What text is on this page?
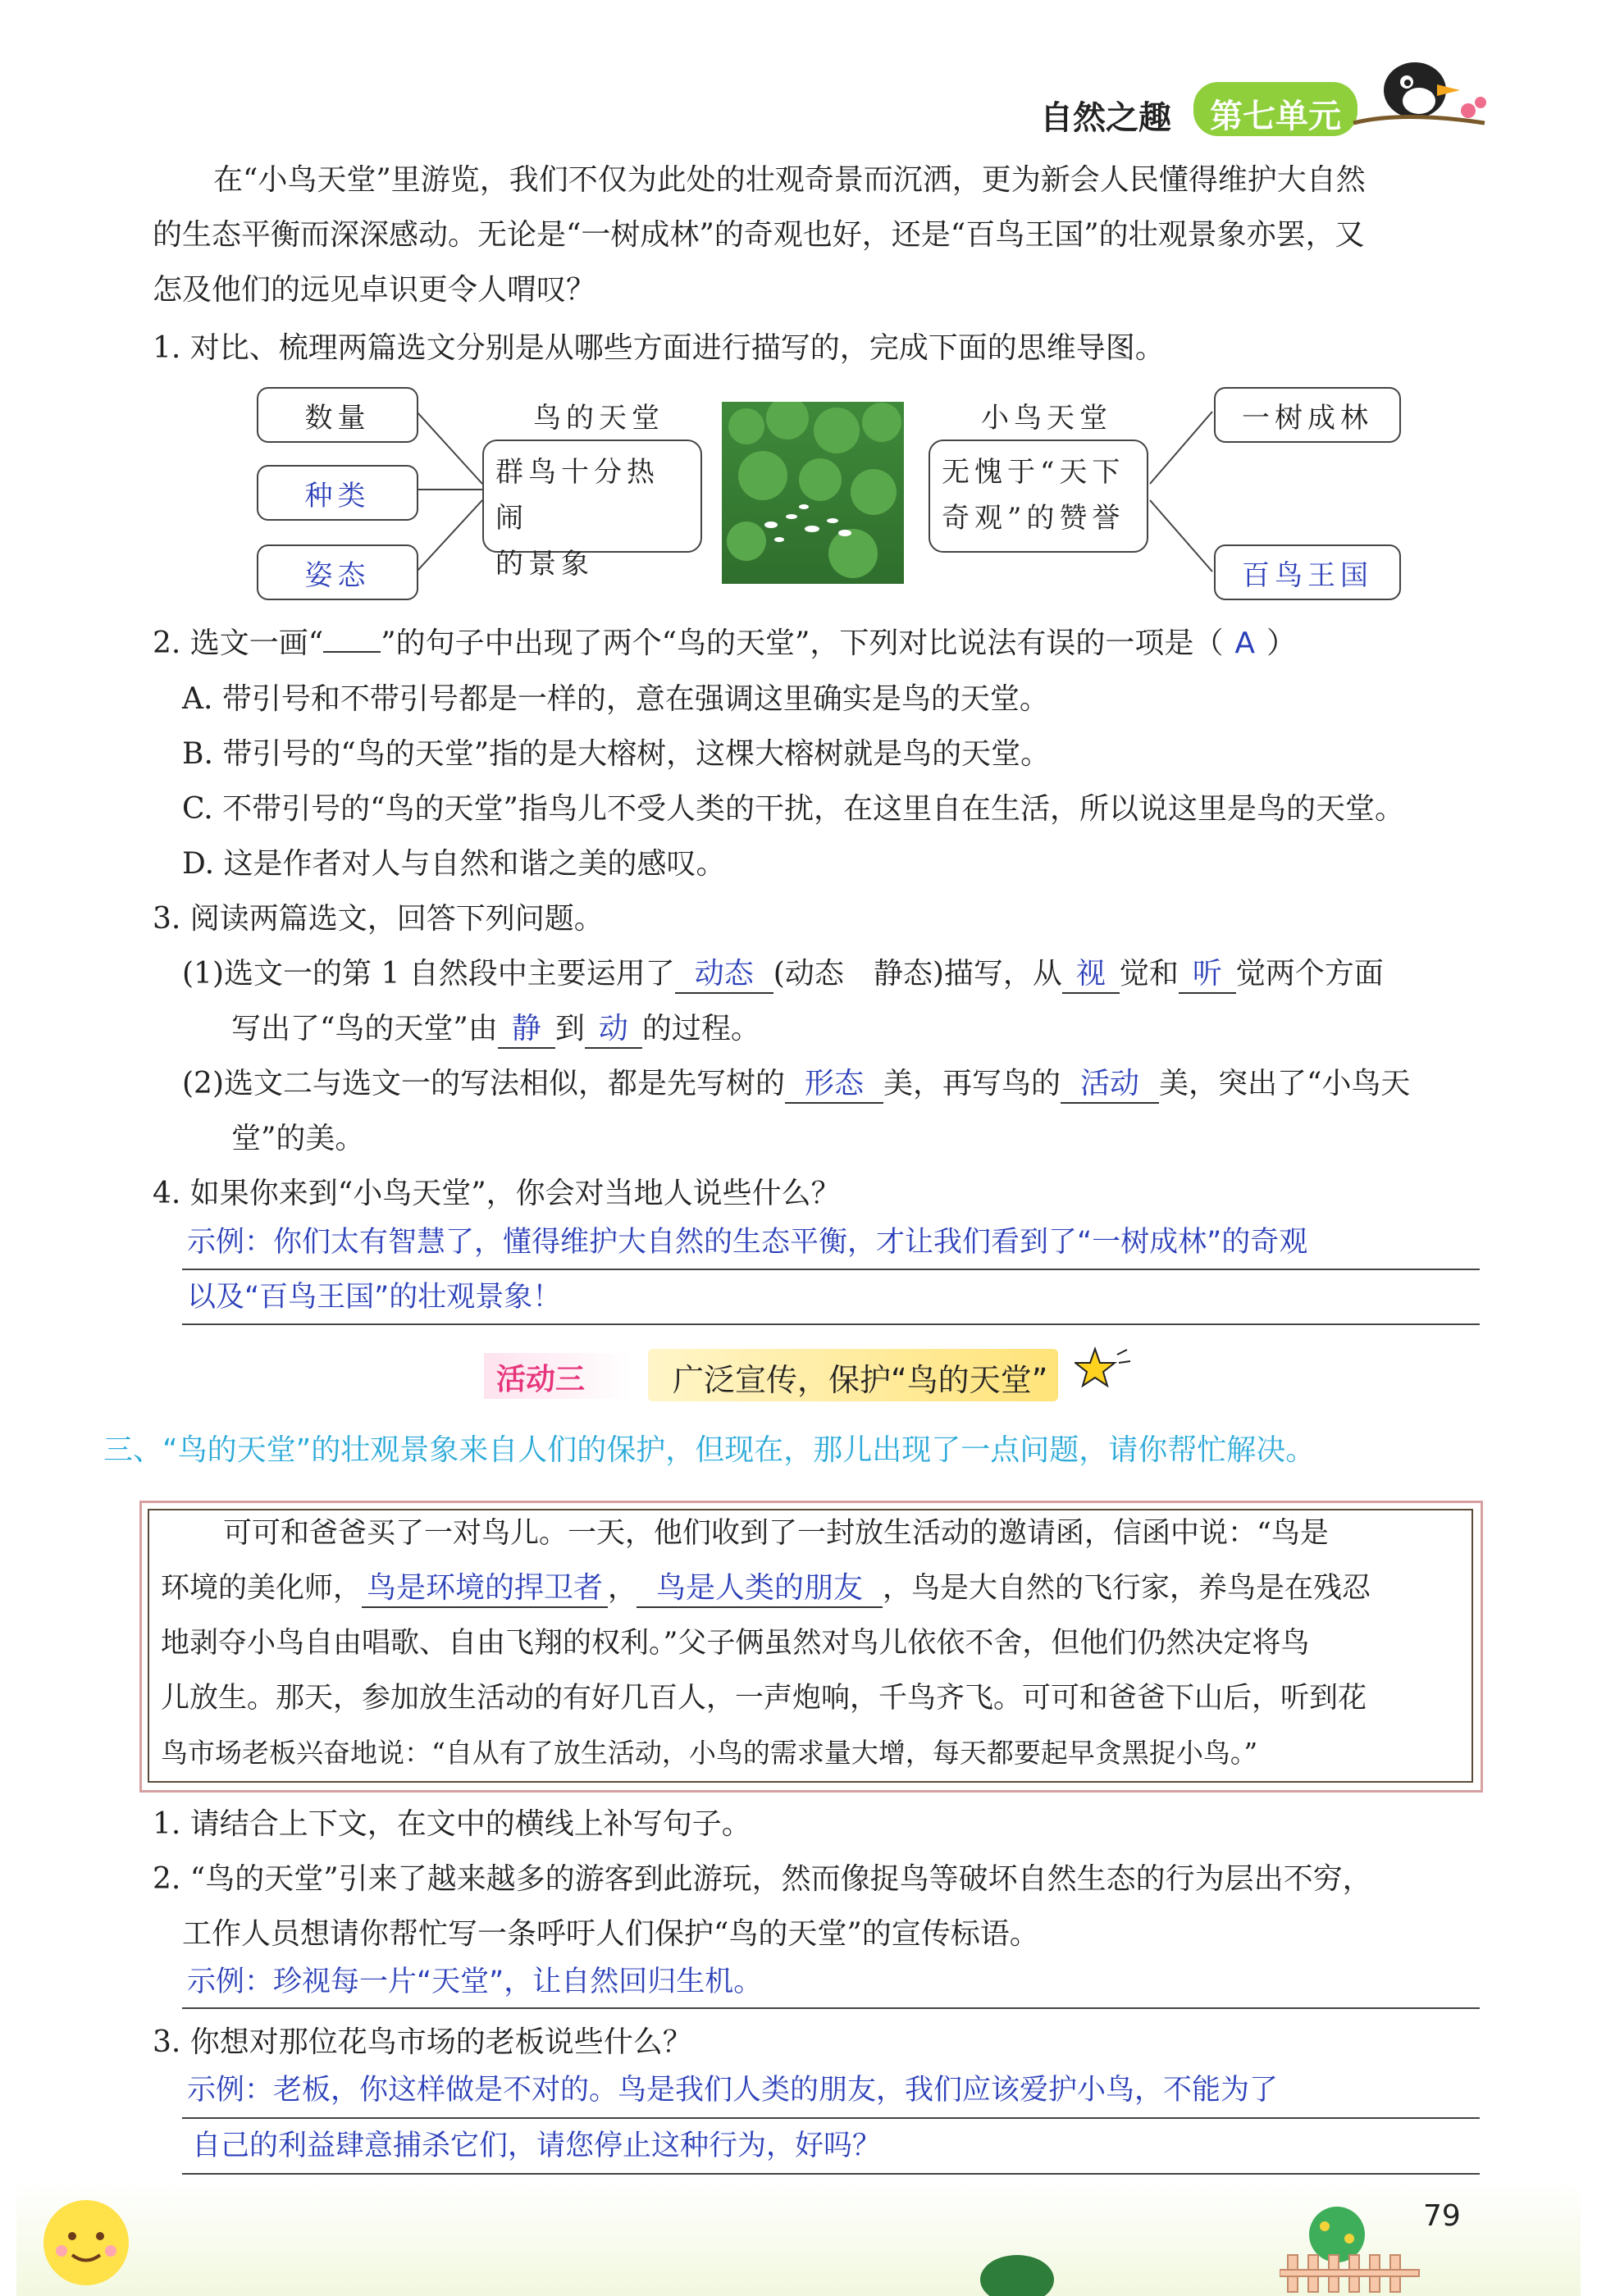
自然之趣 第七单元
在“小鸟天堂”里游览，我们不仅为此处的壮观奇景而沉洒，更为新会人民懂得维护大自然
的生态平衡而深深感动。无论是“一树成林”的奇观也好，还是“百鸟王国”的壮观景象亦罢，又
怎及他们的远见卓识更令人喟叹？
1. 对比、梳理两篇选文分别是从哪些方面进行描写的，完成下面的思维导图。
数量
种类
姿态
鸟的天堂
群鸟十分热闹
的景象
小鸟天堂
无愧于“天下
奇观”的赞誉
一树成林
百鸟王国
2. 选文一画“ ”的句子中出现了两个“鸟的天堂”，下列对比说法有误的一项是（ A ）
A. 带引号和不带引号都是一样的，意在强调这里确实是鸟的天堂。
B. 带引号的“鸟的天堂”指的是大榕树，这棵大榕树就是鸟的天堂。
C. 不带引号的“鸟的天堂”指鸟儿不受人类的干扰，在这里自在生活，所以说这里是鸟的天堂。
D. 这是作者对人与自然和谐之美的感叹。
3. 阅读两篇选文，回答下列问题。
(1)选文一的第 1 自然段中主要运用了 动态 (动态　静态)描写，从 视 觉和 听 觉两个方面
写出了“鸟的天堂”由 静 到 动 的过程。
(2)选文二与选文一的写法相似，都是先写树的 形态 美，再写鸟的 活动 美，突出了“小鸟天
堂”的美。
4. 如果你来到“小鸟天堂”，你会对当地人说些什么？
示例：你们太有智慧了，懂得维护大自然的生态平衡，才让我们看到了“一树成林”的奇观
以及“百鸟王国”的壮观景象！
活动三	广泛宣传，保护“鸟的天堂”
三、“鸟的天堂”的壮观景象来自人们的保护，但现在，那儿出现了一点问题，请你帮忙解决。
可可和爸爸买了一对鸟儿。一天，他们收到了一封放生活动的邀请函，信函中说：“鸟是
环境的美化师， 鸟是环境的捍卫者 ， 鸟是人类的朋友 ，鸟是大自然的飞行家，养鸟是在残忍
地剥夺小鸟自由唱歌、自由飞翔的权利。”父子俩虽然对鸟儿依依不舍，但他们仍然决定将鸟
儿放生。那天，参加放生活动的有好几百人，一声炮响，千鸟齐飞。可可和爸爸下山后，听到花
鸟市场老板兴奋地说：“自从有了放生活动，小鸟的需求量大增，每天都要起早贪黑捉小鸟。”
1. 请结合上下文，在文中的横线上补写句子。
2. “鸟的天堂”引来了越来越多的游客到此游玩，然而像捉鸟等破坏自然生态的行为层出不穷，
工作人员想请你帮忙写一条呼吁人们保护“鸟的天堂”的宣传标语。
示例：珍视每一片“天堂”，让自然回归生机。
3. 你想对那位花鸟市场的老板说些什么？
示例：老板，你这样做是不对的。鸟是我们人类的朋友，我们应该爱护小鸟，不能为了
自己的利益肆意捕杀它们，请您停止这种行为，好吗？
79
